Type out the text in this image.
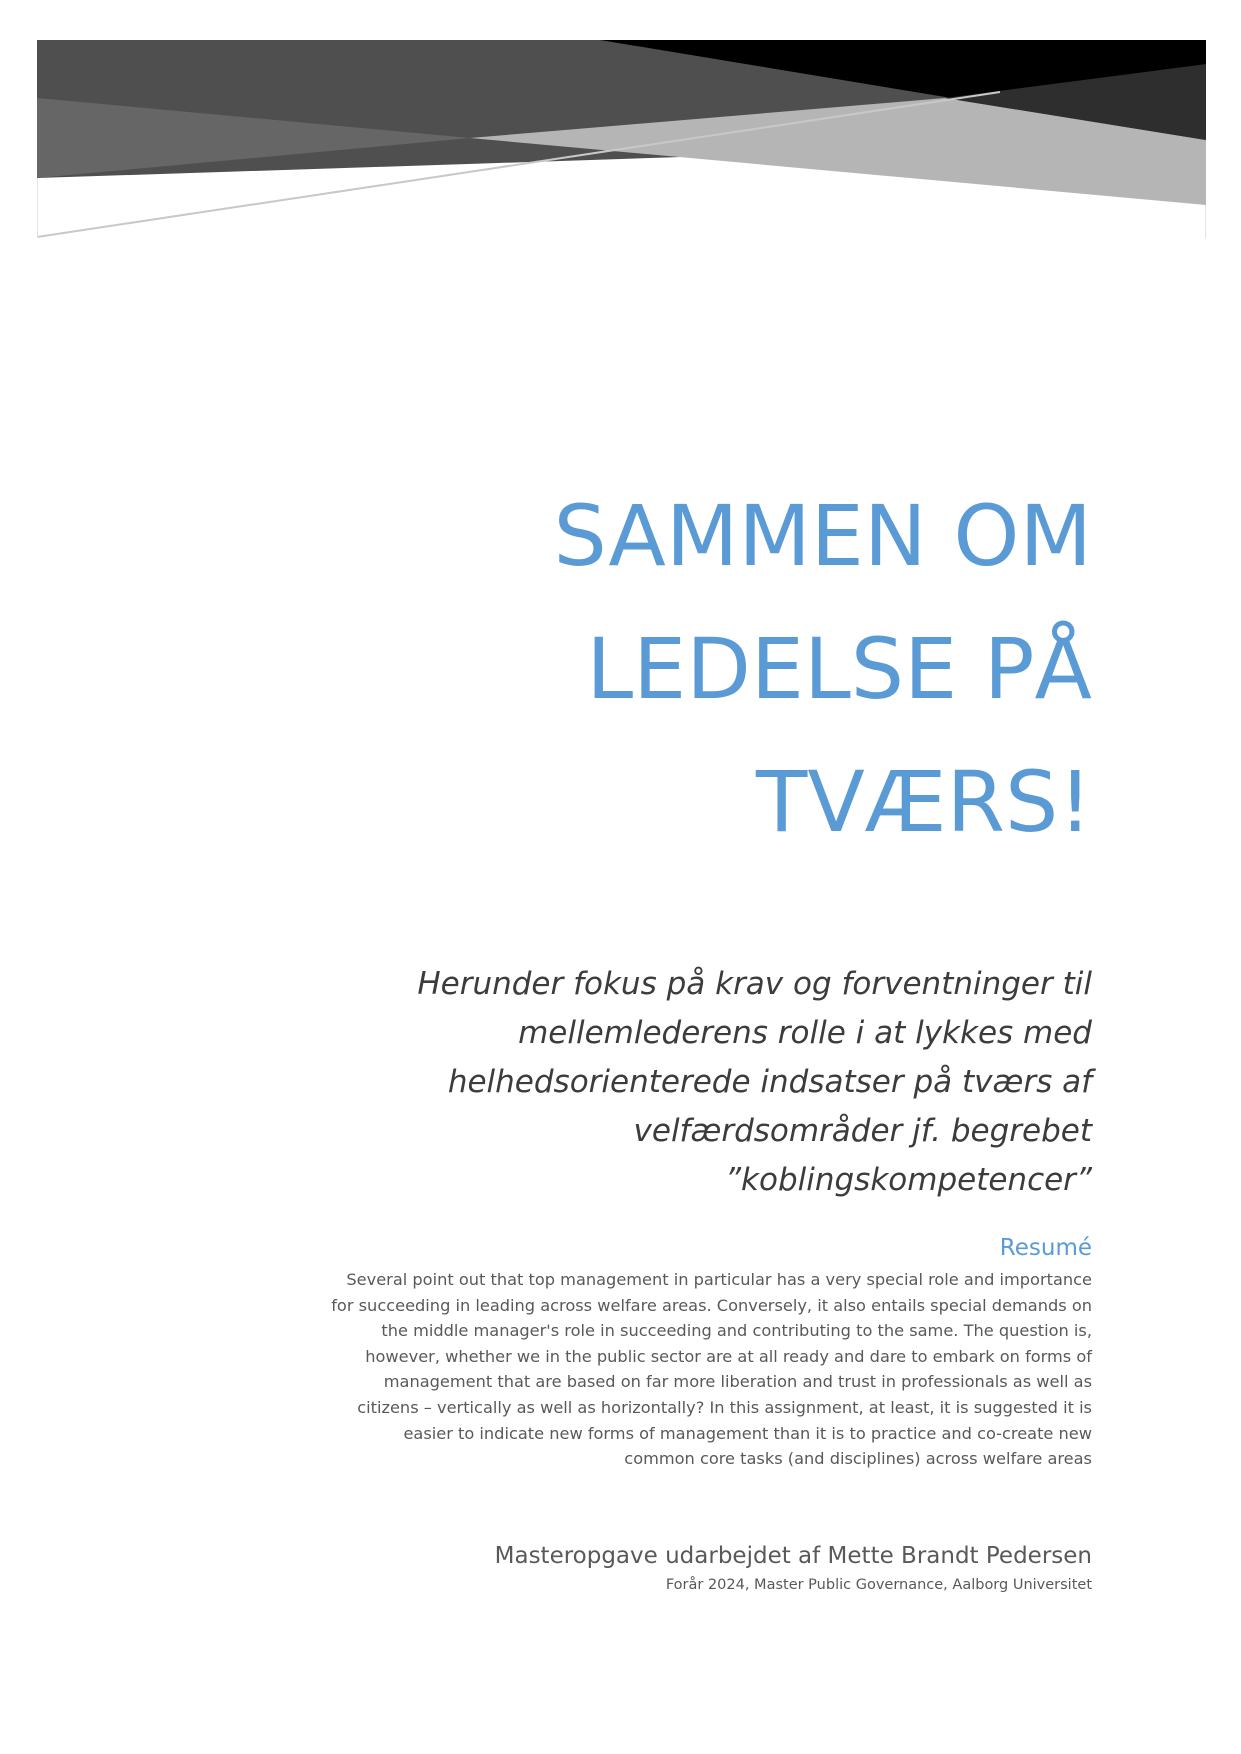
SAMMEN OM
LEDELSE PÅ
TVÆRS!
Herunder fokus på krav og forventninger til
mellemlederens rolle i at lykkes med
helhedsorienterede indsatser på tværs af
velfærdsområder jf. begrebet
”koblingskompetencer”
Resumé

Several point out that top management in particular has a very special role and importance
for succeeding in leading across welfare areas. Conversely, it also entails special demands on
the middle manager's role in succeeding and contributing to the same. The question is,
however, whether we in the public sector are at all ready and dare to embark on forms of
management that are based on far more liberation and trust in professionals as well as
citizens – vertically as well as horizontally? In this assignment, at least, it is suggested it is
easier to indicate new forms of management than it is to practice and co-create new
common core tasks (and disciplines) across welfare areas

Masteropgave udarbejdet af Mette Brandt Pedersen

Forår 2024, Master Public Governance, Aalborg Universitet
